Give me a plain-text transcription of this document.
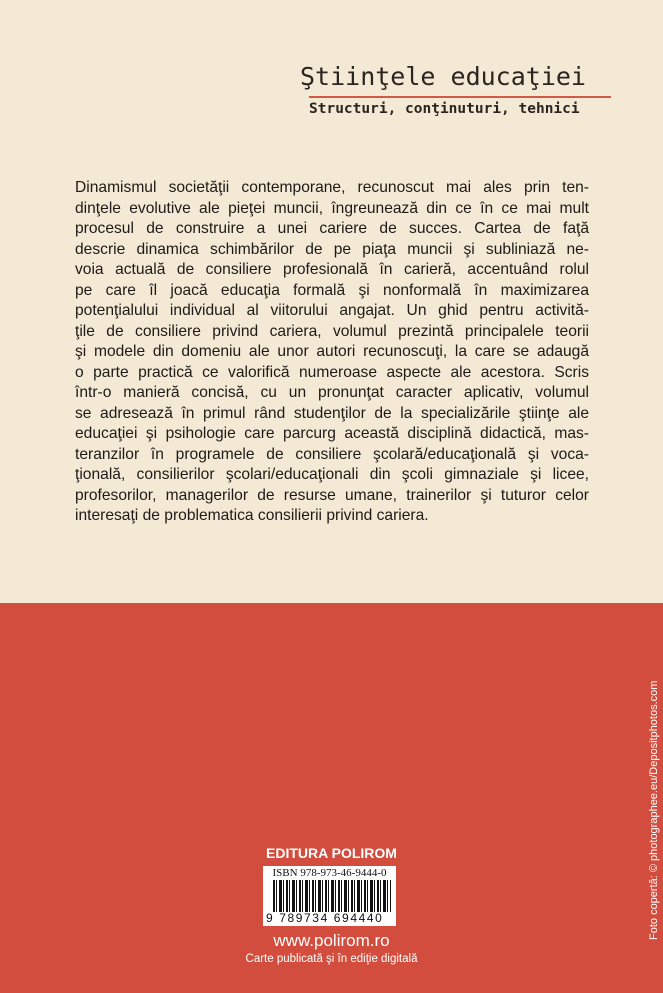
Ştiinţele educaţiei
Structuri, conţinuturi, tehnici
Dinamismul societăţii contemporane, recunoscut mai ales prin ten-
dinţele evolutive ale pieţei muncii, îngreunează din ce în ce mai mult
procesul de construire a unei cariere de succes. Cartea de faţă
descrie dinamica schimbărilor de pe piaţa muncii şi subliniază ne-
voia actuală de consiliere profesională în carieră, accentuând rolul
pe care îl joacă educaţia formală şi nonformală în maximizarea
potenţialului individual al viitorului angajat. Un ghid pentru activită-
ţile de consiliere privind cariera, volumul prezintă principalele teorii
şi modele din domeniu ale unor autori recunoscuţi, la care se adaugă
o parte practică ce valorifică numeroase aspecte ale acestora. Scris
într-o manieră concisă, cu un pronunţat caracter aplicativ, volumul
se adresează în primul rând studenţilor de la specializările ştiinţe ale
educaţiei şi psihologie care parcurg această disciplină didactică, mas-
teranzilor în programele de consiliere şcolară/educaţională şi voca-
ţională, consilierilor şcolari/educaţionali din şcoli gimnaziale şi licee,
profesorilor, managerilor de resurse umane, trainerilor şi tuturor celor
interesaţi de problematica consilierii privind cariera.
EDITURA POLIROM
ISBN 978-973-46-9444-0
9 789734 694440
www.polirom.ro
Carte publicată şi în ediţie digitală
Foto copertă: © photographee.eu/Depositphotos.com
